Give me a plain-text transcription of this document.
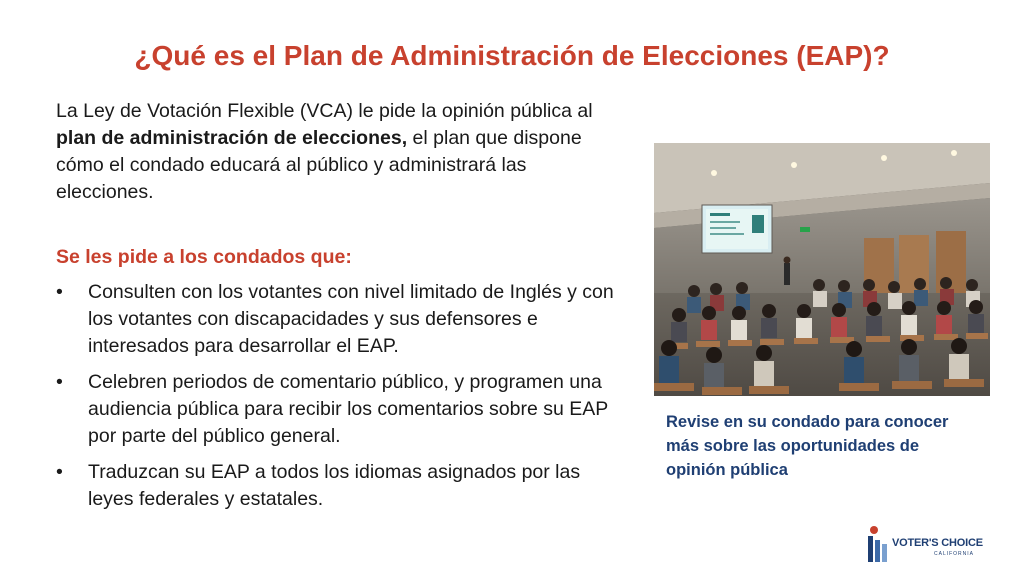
¿Qué es el Plan de Administración de Elecciones (EAP)?
La Ley de Votación Flexible (VCA) le pide la opinión pública al plan de administración de elecciones, el plan que dispone cómo el condado educará al público y administrará las elecciones.
Se les pide a los condados que:
• Consulten con los votantes con nivel limitado de Inglés y con los votantes con discapacidades y sus defensores e interesados para desarrollar el EAP.
• Celebren periodos de comentario público, y programen una audiencia pública para recibir los comentarios sobre su EAP por parte del público general.
• Traduzcan su EAP a todos los idiomas asignados por las leyes federales y estatales.
Revise en su condado para conocer más sobre las oportunidades de opinión pública
VOTER'S CHOICE
CALIFORNIA
